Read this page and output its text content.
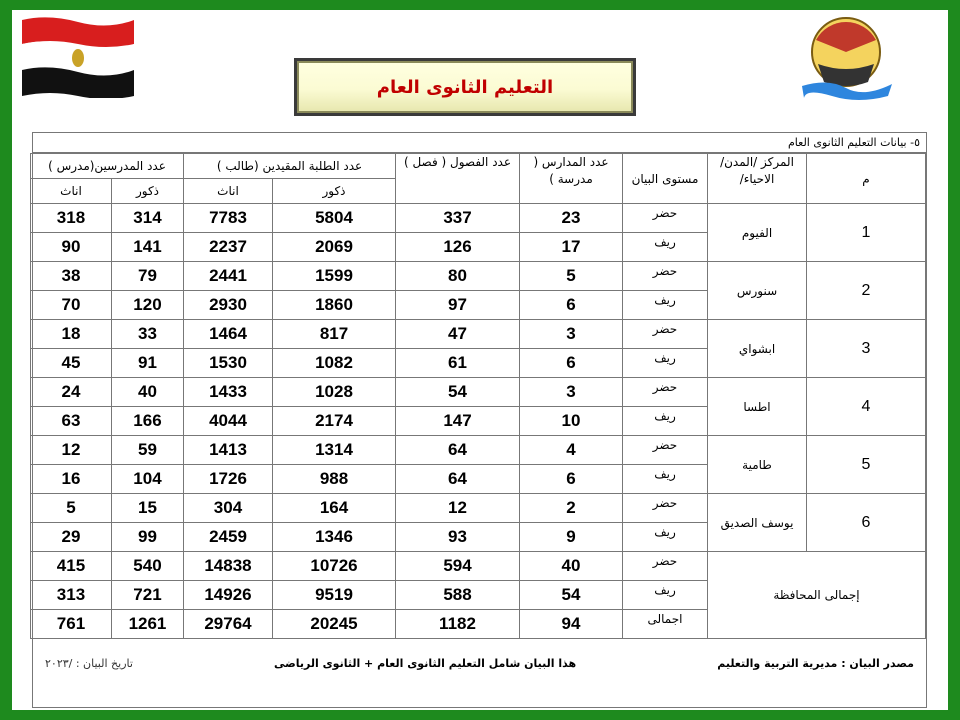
التعليم الثانوى العام
٥- بيانات التعليم الثانوى العام
م	المركز /المدن/الاحياء/	مستوى البيان	عدد المدارس ( مدرسة )	عدد الفصول ( فصل )	عدد الطلبة المقيدين (طالب )		عدد المدرسين(مدرس )	
					ذكور	اناث	ذكور	اناث
1	الفيوم	حضر	23	337	5804	7783	314	318
		ريف	17	126	2069	2237	141	90
2	سنورس	حضر	5	80	1599	2441	79	38
		ريف	6	97	1860	2930	120	70
3	ابشواي	حضر	3	47	817	1464	33	18
		ريف	6	61	1082	1530	91	45
4	اطسا	حضر	3	54	1028	1433	40	24
		ريف	10	147	2174	4044	166	63
5	طامية	حضر	4	64	1314	1413	59	12
		ريف	6	64	988	1726	104	16
6	يوسف الصديق	حضر	2	12	164	304	15	5
		ريف	9	93	1346	2459	99	29
إجمالى المحافظة		حضر	40	594	10726	14838	540	415
		ريف	54	588	9519	14926	721	313
		اجمالى	94	1182	20245	29764	1261	761
مصدر البيان : مديرية التربية والتعليم
هذا البيان شامل التعليم الثانوى العام + الثانوى الرياضى
تاريخ البيان : /٢٠٢٣
